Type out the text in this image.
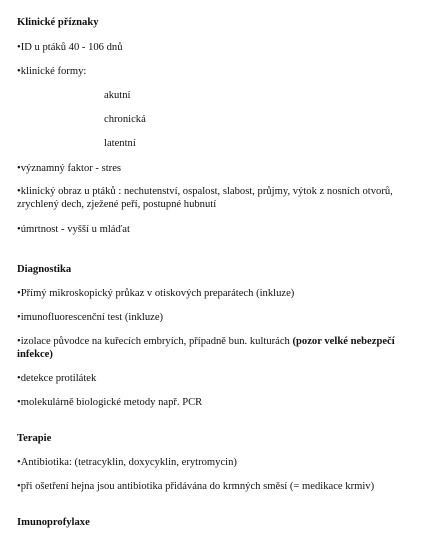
Klinické příznaky
•ID u ptáků 40 - 106 dnů
•klinické formy:
akutní
chronická
latentní
•významný faktor - stres
•klinický obraz u ptáků : nechutenství, ospalost, slabost, průjmy, výtok z nosních otvorů,
zrychlený dech, zježené peří, postupné hubnutí
•úmrtnost - vyšší u mláďat
Diagnostika
•Přímý mikroskopický průkaz v otiskových preparátech (inkluze)
•imunofluorescenční test (inkluze)
•izolace původce na kuřecích embryích, případně bun. kulturách (pozor velké nebezpečí
infekce)
•detekce protilátek
•molekulárně biologické metody např. PCR
Terapie
•Antibiotika: (tetracyklin, doxycyklin, erytromycin)
•při ošetření hejna jsou antibiotika přidávána do krmných směsí (= medikace krmiv)
Imunoprofylaxe
